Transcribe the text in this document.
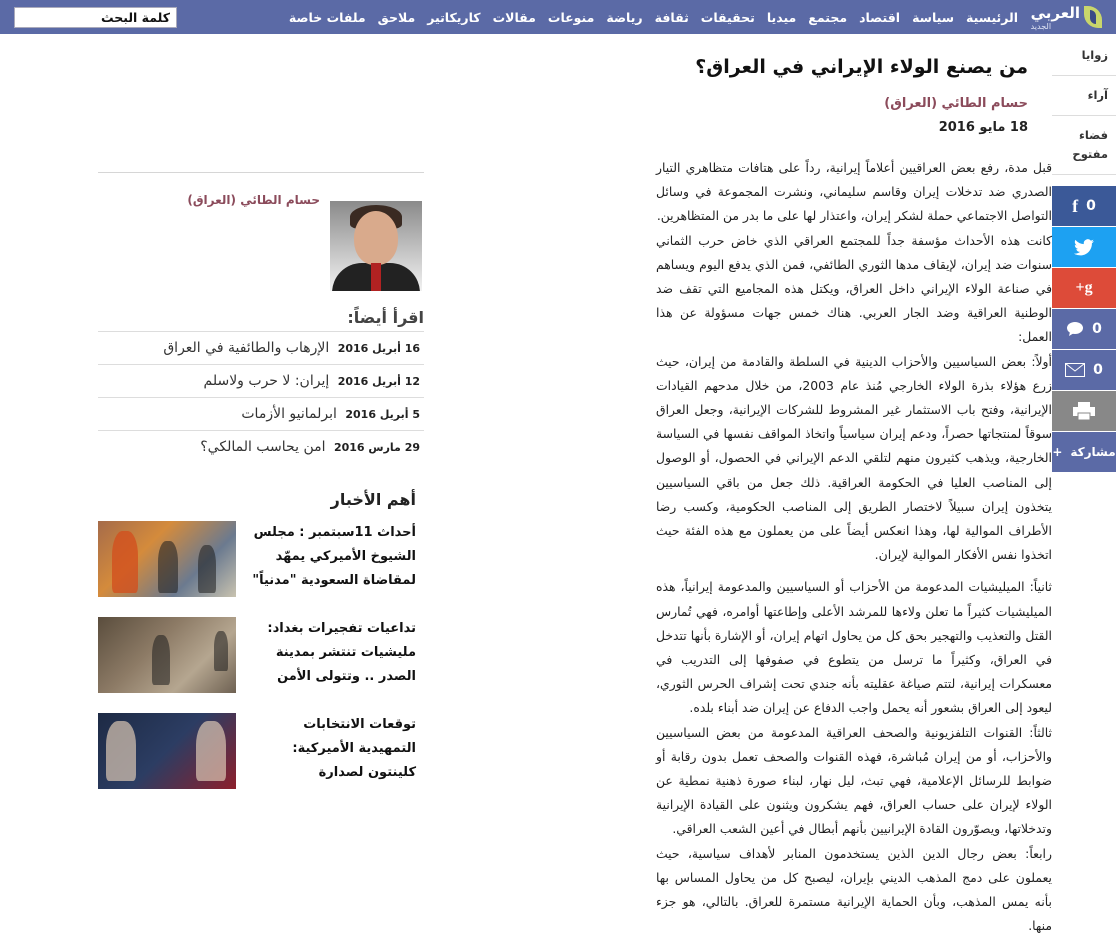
العربي
الجديد
الرئيسية
سياسة
اقتصاد
مجتمع
ميديا
تحقيقات
ثقافة
رياضة
منوعات
مقالات
كاريكاتير
ملاحق
ملفات خاصة
كلمة البحث
زوايا
آراء
فضاء مفتوح
0
f
g+
0
0
مشاركة
+
من يصنع الولاء الإيراني في العراق؟
حسام الطائي (العراق)
18 مايو 2016

قبل مدة، رفع بعض العراقيين أعلاماً إيرانية، رداً على هتافات متظاهري التيار الصدري ضد تدخلات إيران وقاسم سليماني، ونشرت المجموعة في وسائل التواصل الاجتماعي حملة لشكر إيران، واعتذار لها على ما بدر من المتظاهرين.

كانت هذه الأحداث مؤسفة جداً للمجتمع العراقي الذي خاض حرب الثماني سنوات ضد إيران، لإيقاف مدها الثوري الطائفي، فمن الذي يدفع اليوم ويساهم في صناعة الولاء الإيراني داخل العراق، ويكتل هذه المجاميع التي تقف ضد الوطنية العراقية وضد الجار العربي. هناك خمس جهات مسؤولة عن هذا العمل:

أولاً: بعض السياسيين والأحزاب الدينية في السلطة والقادمة من إيران، حيث زرع هؤلاء بذرة الولاء الخارجي مُنذ عام 2003، من خلال مدحهم القيادات الإيرانية، وفتح باب الاستثمار غير المشروط للشركات الإيرانية، وجعل العراق سوقاً لمنتجاتها حصراً، ودعم إيران سياسياً واتخاذ المواقف نفسها في السياسة الخارجية، ويذهب كثيرون منهم لتلقي الدعم الإيراني في الحصول، أو الوصول إلى المناصب العليا في الحكومة العراقية. ذلك جعل من باقي السياسيين يتخذون إيران سبيلاً لاختصار الطريق إلى المناصب الحكومية، وكسب رضا الأطراف الموالية لها، وهذا انعكس أيضاً على من يعملون مع هذه الفئة حيث اتخذوا نفس الأفكار الموالية لإيران.

ثانياً: الميليشيات المدعومة من الأحزاب أو السياسيين والمدعومة إيرانياً، هذه الميليشيات كثيراً ما تعلن ولاءها للمرشد الأعلى وإطاعتها أوامره، فهي تُمارس القتل والتعذيب والتهجير بحق كل من يحاول اتهام إيران، أو الإشارة بأنها تتدخل في العراق، وكثيراً ما ترسل من يتطوع في صفوفها إلى التدريب في معسكرات إيرانية، لتتم صياغة عقليته بأنه جندي تحت إشراف الحرس الثوري، ليعود إلى العراق بشعور أنه يحمل واجب الدفاع عن إيران ضد أبناء بلده.

ثالثاً: القنوات التلفزيونية والصحف العراقية المدعومة من بعض السياسيين والأحزاب، أو من إيران مُباشرة، فهذه القنوات والصحف تعمل بدون رقابة أو ضوابط للرسائل الإعلامية، فهي تبث، ليل نهار، لبناء صورة ذهنية نمطية عن الولاء لإيران على حساب العراق، فهم يشكرون ويثنون على القيادة الإيرانية وتدخلاتها، ويصوّرون القادة الإيرانيين بأنهم أبطال في أعين الشعب العراقي.

رابعاً: بعض رجال الدين الذين يستخدمون المنابر لأهداف سياسية، حيث يعملون على دمج المذهب الديني بإيران، ليصبح كل من يحاول المساس بها بأنه يمس المذهب، وبأن الحماية الإيرانية مستمرة للعراق. بالتالي، هو جزء منها.

حسام الطائي (العراق)
اقرأ أيضاً:
16 أبريل 2016 الإرهاب والطائفية في العراق
12 أبريل 2016 إيران: لا حرب ولاسلم
5 أبريل 2016 ابرلمانيو الأزمات
29 مارس 2016 امن يحاسب المالكي؟
أهم الأخبار
أحداث 11سبتمبر : مجلس الشيوخ الأميركي يمهّد لمقاضاة السعودية "مدنياً"
تداعيات تفجيرات بغداد: مليشيات تنتشر بمدينة الصدر .. وتتولى الأمن
توقعات الانتخابات التمهيدية الأميركية: كلينتون لصدارة
